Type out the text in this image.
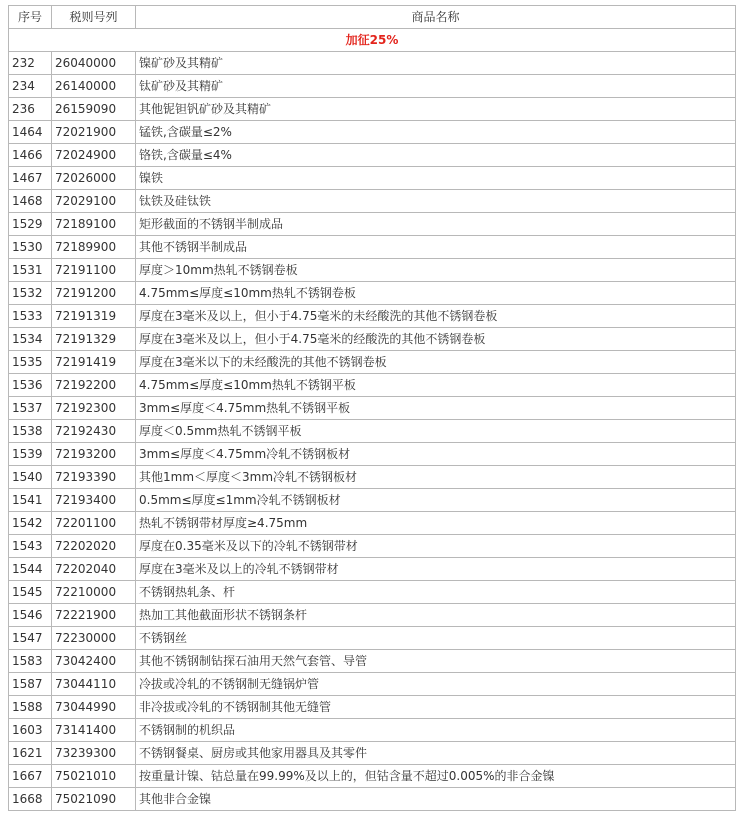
序号	税则号列	商品名称
加征25%		
232	26040000	镍矿砂及其精矿
234	26140000	钛矿砂及其精矿
236	26159090	其他铌钽钒矿砂及其精矿
1464	72021900	锰铁,含碳量≤2%
1466	72024900	铬铁,含碳量≤4%
1467	72026000	镍铁
1468	72029100	钛铁及硅钛铁
1529	72189100	矩形截面的不锈钢半制成品
1530	72189900	其他不锈钢半制成品
1531	72191100	厚度＞10mm热轧不锈钢卷板
1532	72191200	4.75mm≤厚度≤10mm热轧不锈钢卷板
1533	72191319	厚度在3毫米及以上，但小于4.75毫米的未经酸洗的其他不锈钢卷板
1534	72191329	厚度在3毫米及以上，但小于4.75毫米的经酸洗的其他不锈钢卷板
1535	72191419	厚度在3毫米以下的未经酸洗的其他不锈钢卷板
1536	72192200	4.75mm≤厚度≤10mm热轧不锈钢平板
1537	72192300	3mm≤厚度＜4.75mm热轧不锈钢平板
1538	72192430	厚度＜0.5mm热轧不锈钢平板
1539	72193200	3mm≤厚度＜4.75mm冷轧不锈钢板材
1540	72193390	其他1mm＜厚度＜3mm冷轧不锈钢板材
1541	72193400	0.5mm≤厚度≤1mm冷轧不锈钢板材
1542	72201100	热轧不锈钢带材厚度≥4.75mm
1543	72202020	厚度在0.35毫米及以下的冷轧不锈钢带材
1544	72202040	厚度在3毫米及以上的冷轧不锈钢带材
1545	72210000	不锈钢热轧条、杆
1546	72221900	热加工其他截面形状不锈钢条杆
1547	72230000	不锈钢丝
1583	73042400	其他不锈钢制钻探石油用天然气套管、导管
1587	73044110	冷拔或冷轧的不锈钢制无缝锅炉管
1588	73044990	非冷拔或冷轧的不锈钢制其他无缝管
1603	73141400	不锈钢制的机织品
1621	73239300	不锈钢餐桌、厨房或其他家用器具及其零件
1667	75021010	按重量计镍、钴总量在99.99%及以上的，但钴含量不超过0.005%的非合金镍
1668	75021090	其他非合金镍
